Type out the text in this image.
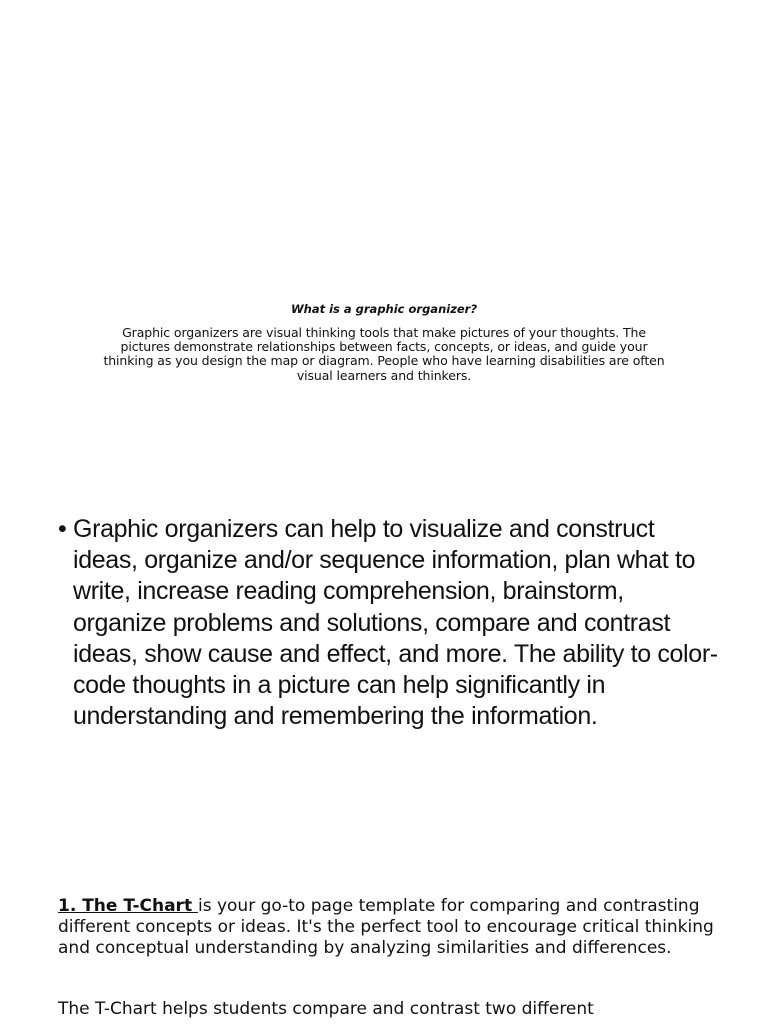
What is a graphic organizer?

Graphic organizers are visual thinking tools that make pictures of your thoughts. The pictures demonstrate relationships between facts, concepts, or ideas, and guide your thinking as you design the map or diagram. People who have learning disabilities are often visual learners and thinkers.

• Graphic organizers can help to visualize and construct ideas, organize and/or sequence information, plan what to write, increase reading comprehension, brainstorm, organize problems and solutions, compare and contrast ideas, show cause and effect, and more. The ability to color-code thoughts in a picture can help significantly in understanding and remembering the information.

1. The T-Chart is your go-to page template for comparing and contrasting different concepts or ideas. It's the perfect tool to encourage critical thinking and conceptual understanding by analyzing similarities and differences.

The T-Chart helps students compare and contrast two different
